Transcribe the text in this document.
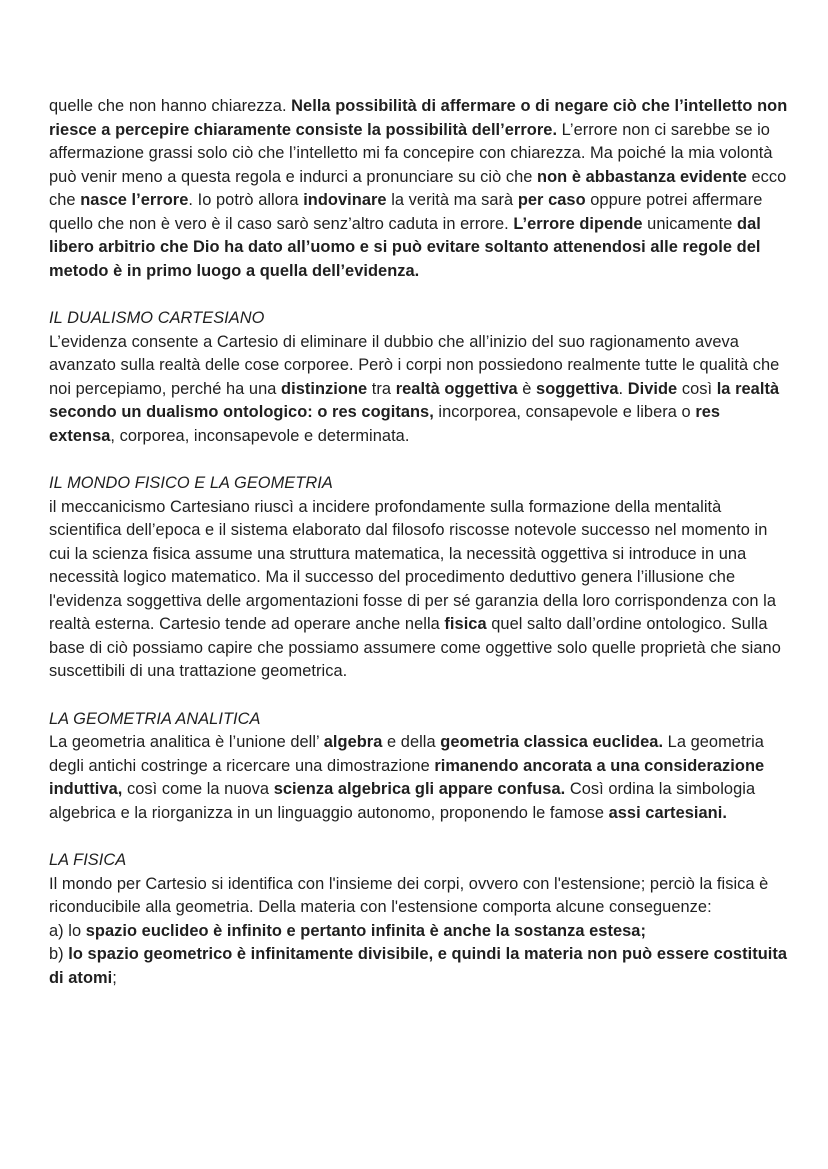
quelle che non hanno chiarezza. Nella possibilità di affermare o di negare ciò che l’intelletto non riesce a percepire chiaramente consiste la possibilità dell’errore. L’errore non ci sarebbe se io affermazione grassi solo ciò che l’intelletto mi fa concepire con chiarezza. Ma poiché la mia volontà può venir meno a questa regola e indurci a pronunciare su ciò che non è abbastanza evidente ecco che nasce l’errore. Io potrò allora indovinare la verità ma sarà per caso oppure potrei affermare quello che non è vero è il caso sarò senz’altro caduta in errore. L’errore dipende unicamente dal libero arbitrio che Dio ha dato all’uomo e si può evitare soltanto attenendosi alle regole del metodo è in primo luogo a quella dell’evidenza.

IL DUALISMO CARTESIANO

L’evidenza consente a Cartesio di eliminare il dubbio che all’inizio del suo ragionamento aveva avanzato sulla realtà delle cose corporee. Però i corpi non possiedono realmente tutte le qualità che noi percepiamo, perché ha una distinzione tra realtà oggettiva è soggettiva. Divide così la realtà secondo un dualismo ontologico: o res cogitans, incorporea, consapevole e libera o res extensa, corporea, inconsapevole e determinata.

IL MONDO FISICO E LA GEOMETRIA

il meccanicismo Cartesiano riuscì a incidere profondamente sulla formazione della mentalità scientifica dell’epoca e il sistema elaborato dal filosofo riscosse notevole successo nel momento in cui la scienza fisica assume una struttura matematica, la necessità oggettiva si introduce in una necessità logico matematico. Ma il successo del procedimento deduttivo genera l’illusione che l'evidenza soggettiva delle argomentazioni fosse di per sé garanzia della loro corrispondenza con la realtà esterna. Cartesio tende ad operare anche nella fisica quel salto dall’ordine ontologico. Sulla base di ciò possiamo capire che possiamo assumere come oggettive solo quelle proprietà che siano suscettibili di una trattazione geometrica.

LA GEOMETRIA ANALITICA

La geometria analitica è l’unione dell’ algebra e della geometria classica euclidea. La geometria degli antichi costringe a ricercare una dimostrazione rimanendo ancorata a una considerazione induttiva, così come la nuova scienza algebrica gli appare confusa. Così ordina la simbologia algebrica e la riorganizza in un linguaggio autonomo, proponendo le famose assi cartesiani.

LA FISICA

Il mondo per Cartesio si identifica con l'insieme dei corpi, ovvero con l'estensione; perciò la fisica è riconducibile alla geometria. Della materia con l'estensione comporta alcune conseguenze:

a) lo spazio euclideo è infinito e pertanto infinita è anche la sostanza estesa;

b) lo spazio geometrico è infinitamente divisibile, e quindi la materia non può essere costituita di atomi;
